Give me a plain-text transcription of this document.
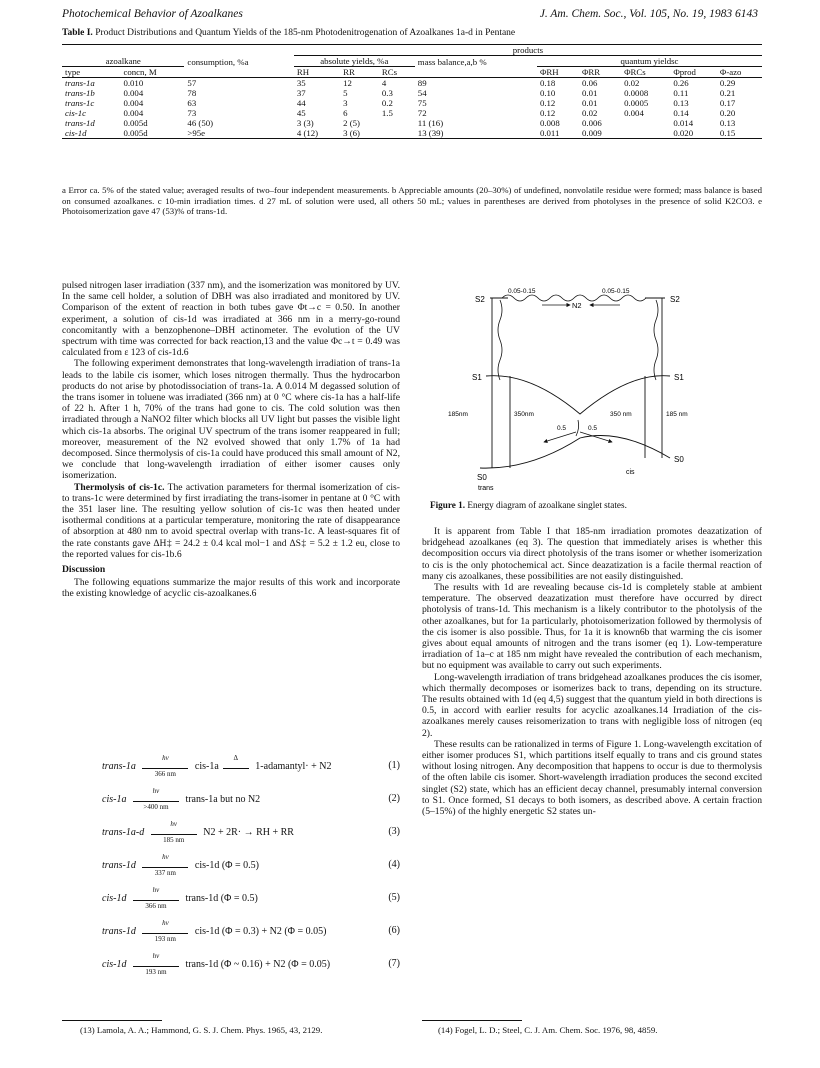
Photochemical Behavior of Azoalkanes	J. Am. Chem. Soc., Vol. 105, No. 19, 1983 6143
Table I. Product Distributions and Quantum Yields of the 185-nm Photodenitrogenation of Azoalkanes 1a-d in Pentane
			products								
azoalkane		consumption, %a	absolute yields, %a			mass balance,a,b %	quantum yieldsc				
type	concn, M		RH	RR	RCs		ΦRH	ΦRR	ΦRCs	Φprod	Φ-azo
trans-1a	0.010	57	35	12	4	89	0.18	0.06	0.02	0.26	0.29
trans-1b	0.004	78	37	5	0.3	54	0.10	0.01	0.0008	0.11	0.21
trans-1c	0.004	63	44	3	0.2	75	0.12	0.01	0.0005	0.13	0.17
cis-1c	0.004	73	45	6	1.5	72	0.12	0.02	0.004	0.14	0.20
trans-1d	0.005d	46 (50)	3 (3)	2 (5)		11 (16)	0.008	0.006		0.014	0.13
cis-1d	0.005d	>95e	4 (12)	3 (6)		13 (39)	0.011	0.009		0.020	0.15
a Error ca. 5% of the stated value; averaged results of two–four independent measurements. b Appreciable amounts (20–30%) of undefined, nonvolatile residue were formed; mass balance is based on consumed azoalkanes. c 10-min irradiation times. d 27 mL of solution were used, all others 50 mL; values in parentheses are derived from photolyses in the presence of solid K2CO3. e Photoisomerization gave 47 (53)% of trans-1d.

pulsed nitrogen laser irradiation (337 nm), and the isomerization was monitored by UV. In the same cell holder, a solution of DBH was also irradiated and monitored by UV. Comparison of the extent of reaction in both tubes gave Φt→c = 0.50. In another experiment, a solution of cis-1d was irradiated at 366 nm in a merry-go-round concomitantly with a benzophenone–DBH actinometer. The evolution of the UV spectrum with time was corrected for back reaction,13 and the value Φc→t = 0.49 was calculated from ε 123 of cis-1d.6

The following experiment demonstrates that long-wavelength irradiation of trans-1a leads to the labile cis isomer, which loses nitrogen thermally. Thus the hydrocarbon products do not arise by photodissociation of trans-1a. A 0.014 M degassed solution of the trans isomer in toluene was irradiated (366 nm) at 0 °C where cis-1a has a half-life of 22 h. After 1 h, 70% of the trans had gone to cis. The cold solution was then irradiated through a NaNO2 filter which blocks all UV light but passes the visible light which cis-1a absorbs. The original UV spectrum of the trans isomer reappeared in full; moreover, measurement of the N2 evolved showed that only 1.7% of 1a had decomposed. Since thermolysis of cis-1a could have produced this small amount of N2, we conclude that long-wavelength irradiation of either isomer causes only isomerization.

Thermolysis of cis-1c. The activation parameters for thermal isomerization of cis- to trans-1c were determined by first irradiating the trans-isomer in pentane at 0 °C with the 351 laser line. The resulting yellow solution of cis-1c was then heated under isothermal conditions at a particular temperature, monitoring the rate of disappearance of absorption at 480 nm to avoid spectral overlap with trans-1c. A least-squares fit of the rate constants gave ΔH‡ = 24.2 ± 0.4 kcal mol−1 and ΔS‡ = 5.2 ± 1.2 eu, close to the reported values for cis-1b.6

Discussion

The following equations summarize the major results of this work and incorporate the existing knowledge of acyclic cis-azoalkanes.6

trans-1a
hν
366 nm
cis-1a
Δ
1-adamantyl· + N2	(1)
cis-1a
hν
>400 nm
trans-1a but no N2	(2)
trans-1a-d
hν
185 nm
N2 + 2R· → RH + RR	(3)
trans-1d
hν
337 nm
cis-1d (Φ = 0.5)	(4)
cis-1d
hν
366 nm
trans-1d (Φ = 0.5)	(5)
trans-1d
hν
193 nm
cis-1d (Φ = 0.3) + N2 (Φ = 0.05)	(6)
cis-1d
hν
193 nm
trans-1d (Φ ~ 0.16) + N2 (Φ = 0.05)	(7)
S2	S2
0.05-0.15	0.05-0.15
N2
S1	S1
185nm	350nm	350 nm	185 nm
0.5	0.5
S0
S0
trans
cis
Figure 1. Energy diagram of azoalkane singlet states.

It is apparent from Table I that 185-nm irradiation promotes deazatization of bridgehead azoalkanes (eq 3). The question that immediately arises is whether this decomposition occurs via direct photolysis of the trans isomer or whether isomerization to cis is the only photochemical act. Since deazatization is a facile thermal reaction of many cis azoalkanes, these possibilities are not easily distinguished.

The results with 1d are revealing because cis-1d is completely stable at ambient temperature. The observed deazatization must therefore have occurred by direct photolysis of trans-1d. This mechanism is a likely contributor to the photolysis of the other azoalkanes, but for 1a particularly, photoisomerization followed by thermolysis of the cis isomer is also possible. Thus, for 1a it is known6b that warming the cis isomer gives about equal amounts of nitrogen and the trans isomer (eq 1). Low-temperature irradiation of 1a–c at 185 nm might have revealed the contribution of each mechanism, but no equipment was available to carry out such experiments.

Long-wavelength irradiation of trans bridgehead azoalkanes produces the cis isomer, which thermally decomposes or isomerizes back to trans, depending on its structure. The results obtained with 1d (eq 4,5) suggest that the quantum yield in both directions is 0.5, in accord with earlier results for acyclic azoalkanes.14 Irradiation of the cis-azoalkanes merely causes reisomerization to trans with negligible loss of nitrogen (eq 2).

These results can be rationalized in terms of Figure 1. Long-wavelength excitation of either isomer produces S1, which partitions itself equally to trans and cis ground states without losing nitrogen. Any decomposition that happens to occur is due to thermolysis of the often labile cis isomer. Short-wavelength irradiation produces the second excited singlet (S2) state, which has an efficient decay channel, presumably internal conversion to S1. Once formed, S1 decays to both isomers, as described above. A certain fraction (5–15%) of the highly energetic S2 states un-

(13) Lamola, A. A.; Hammond, G. S. J. Chem. Phys. 1965, 43, 2129.	(14) Fogel, L. D.; Steel, C. J. Am. Chem. Soc. 1976, 98, 4859.
